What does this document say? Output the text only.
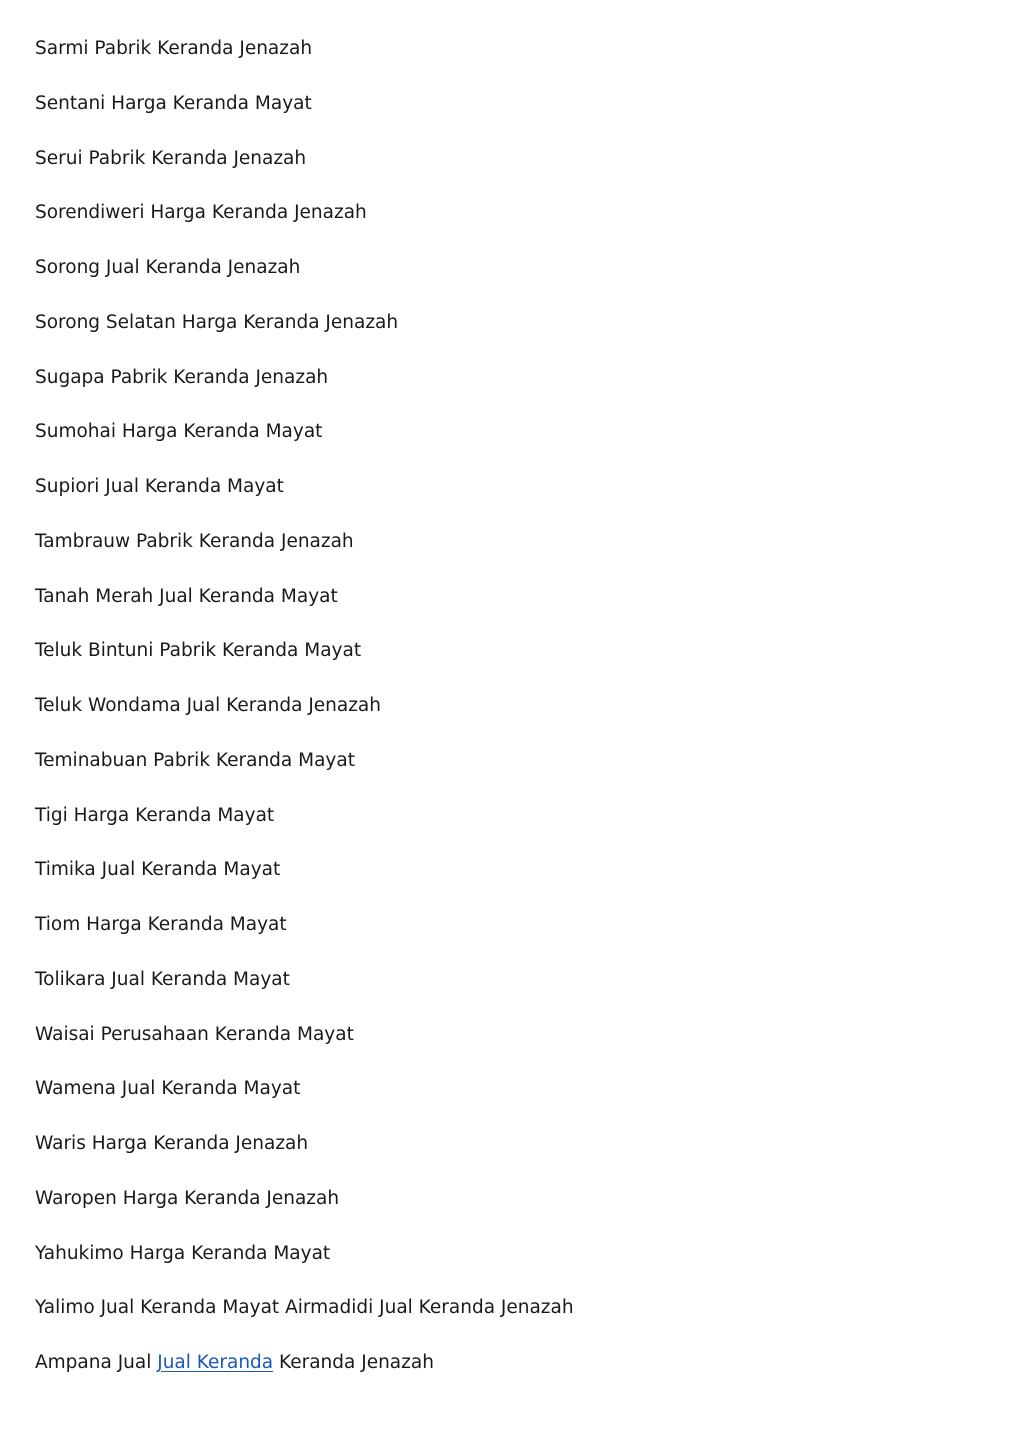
Sarmi Pabrik Keranda Jenazah
Sentani Harga Keranda Mayat
Serui Pabrik Keranda Jenazah
Sorendiweri Harga Keranda Jenazah
Sorong Jual Keranda Jenazah
Sorong Selatan Harga Keranda Jenazah
Sugapa Pabrik Keranda Jenazah
Sumohai Harga Keranda Mayat
Supiori Jual Keranda Mayat
Tambrauw Pabrik Keranda Jenazah
Tanah Merah Jual Keranda Mayat
Teluk Bintuni Pabrik Keranda Mayat
Teluk Wondama Jual Keranda Jenazah
Teminabuan Pabrik Keranda Mayat
Tigi Harga Keranda Mayat
Timika Jual Keranda Mayat
Tiom Harga Keranda Mayat
Tolikara Jual Keranda Mayat
Waisai Perusahaan Keranda Mayat
Wamena Jual Keranda Mayat
Waris Harga Keranda Jenazah
Waropen Harga Keranda Jenazah
Yahukimo Harga Keranda Mayat
Yalimo Jual Keranda Mayat Airmadidi Jual Keranda Jenazah
Ampana Jual Jual Keranda Keranda Jenazah
